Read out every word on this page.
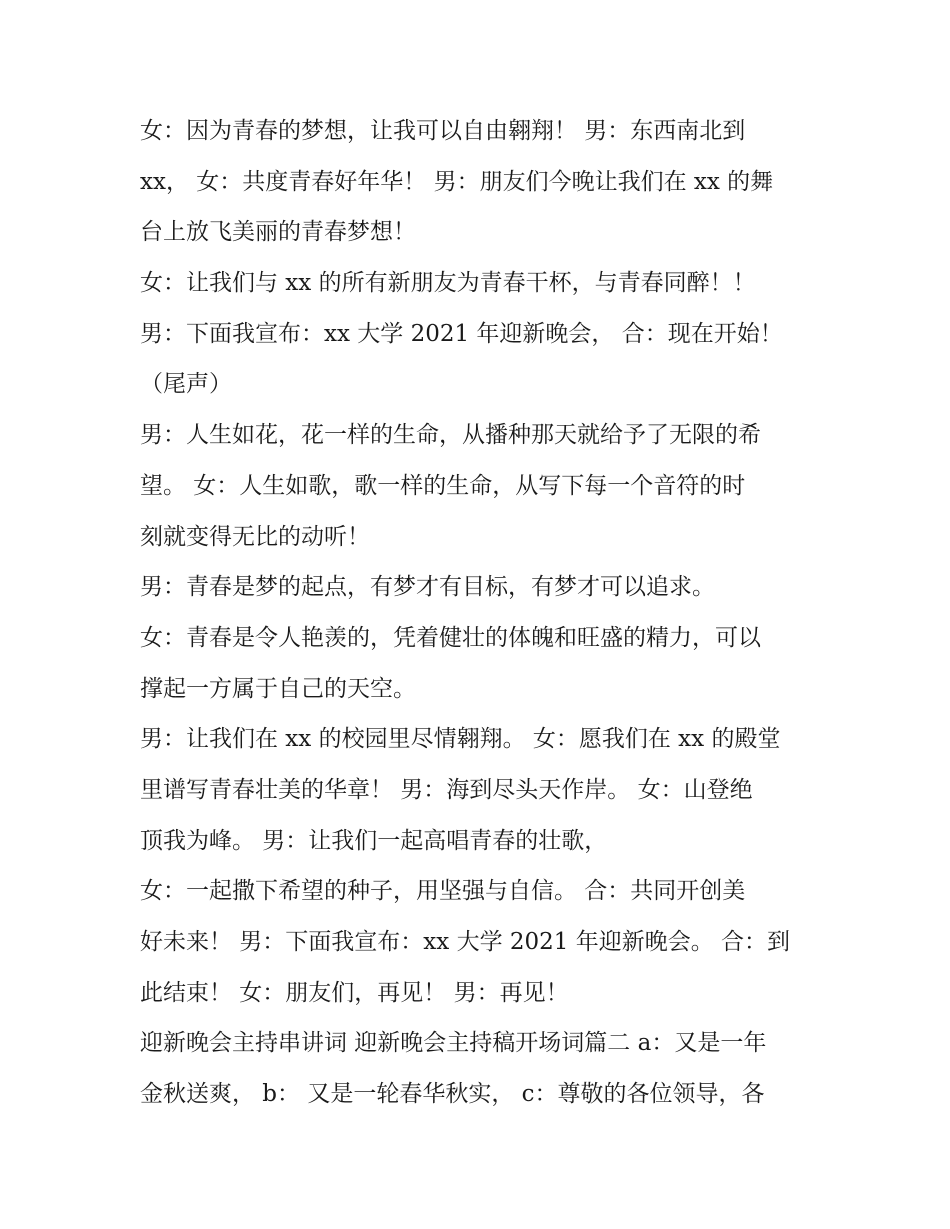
女：因为青春的梦想，让我可以自由翱翔！ 男：东西南北到
xx， 女：共度青春好年华！ 男：朋友们今晚让我们在 xx 的舞
台上放飞美丽的青春梦想！
女：让我们与 xx 的所有新朋友为青春干杯，与青春同醉！！
男：下面我宣布：xx 大学 2021 年迎新晚会， 合：现在开始！
（尾声）
男：人生如花，花一样的生命，从播种那天就给予了无限的希
望。 女：人生如歌，歌一样的生命，从写下每一个音符的时
刻就变得无比的动听！
男：青春是梦的起点，有梦才有目标，有梦才可以追求。
女：青春是令人艳羡的，凭着健壮的体魄和旺盛的精力，可以
撑起一方属于自己的天空。
男：让我们在 xx 的校园里尽情翱翔。 女：愿我们在 xx 的殿堂
里谱写青春壮美的华章！ 男：海到尽头天作岸。 女：山登绝
顶我为峰。 男：让我们一起高唱青春的壮歌，
女：一起撒下希望的种子，用坚强与自信。 合：共同开创美
好未来！ 男：下面我宣布：xx 大学 2021 年迎新晚会。 合：到
此结束！ 女：朋友们，再见！ 男：再见！
迎新晚会主持串讲词 迎新晚会主持稿开场词篇二 a：又是一年
金秋送爽， b： 又是一轮春华秋实， c：尊敬的各位领导，各
